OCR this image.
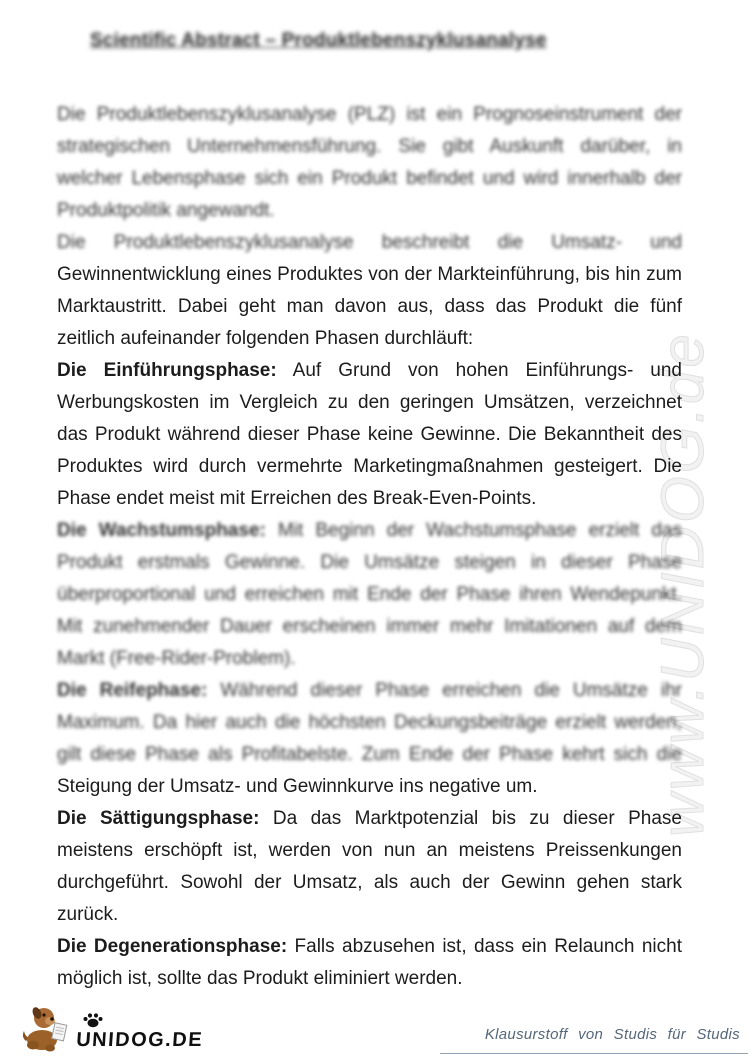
www.UNIDOG.de
Scientific Abstract – Produktlebenszyklusanalyse

Die Produktlebenszyklusanalyse (PLZ) ist ein Prognoseinstrument der strategischen Unternehmensführung. Sie gibt Auskunft darüber, in welcher Lebensphase sich ein Produkt befindet und wird innerhalb der Produktpolitik angewandt.

Die Produktlebenszyklusanalyse beschreibt die Umsatz- und

Gewinnentwicklung eines Produktes von der Markteinführung, bis hin zum Marktaustritt. Dabei geht man davon aus, dass das Produkt die fünf zeitlich aufeinander folgenden Phasen durchläuft:

Die Einführungsphase: Auf Grund von hohen Einführungs- und Werbungskosten im Vergleich zu den geringen Umsätzen, verzeichnet das Produkt während dieser Phase keine Gewinne. Die Bekanntheit des Produktes wird durch vermehrte Marketingmaßnahmen gesteigert. Die Phase endet meist mit Erreichen des Break-Even-Points.

Die Wachstumsphase: Mit Beginn der Wachstumsphase erzielt das Produkt erstmals Gewinne. Die Umsätze steigen in dieser Phase überproportional und erreichen mit Ende der Phase ihren Wendepunkt. Mit zunehmender Dauer erscheinen immer mehr Imitationen auf dem Markt (Free-Rider-Problem).

Die Reifephase: Während dieser Phase erreichen die Umsätze ihr Maximum. Da hier auch die höchsten Deckungsbeiträge erzielt werden, gilt diese Phase als Profitabelste. Zum Ende der Phase kehrt sich die

Steigung der Umsatz- und Gewinnkurve ins negative um.

Die Sättigungsphase: Da das Marktpotenzial bis zu dieser Phase meistens erschöpft ist, werden von nun an meistens Preissenkungen durchgeführt. Sowohl der Umsatz, als auch der Gewinn gehen stark zurück.

Die Degenerationsphase: Falls abzusehen ist, dass ein Relaunch nicht möglich ist, sollte das Produkt eliminiert werden.

UNIDOG.DE	Klausurstoff von Studis für Studis
